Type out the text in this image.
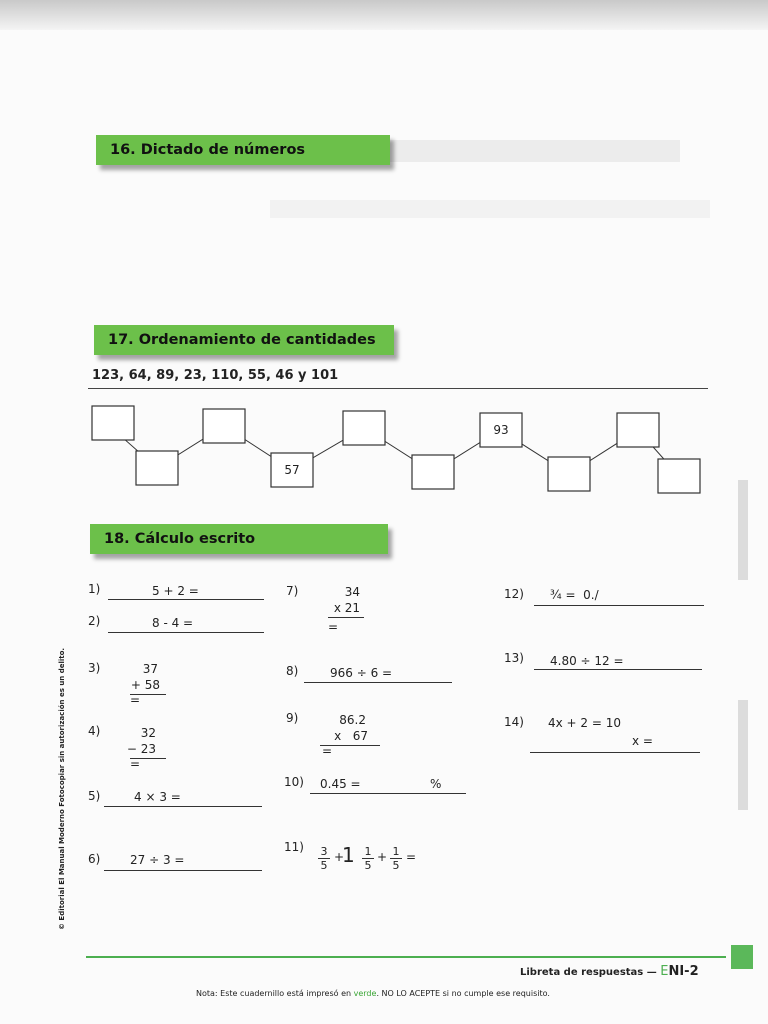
16. Dictado de números
17. Ordenamiento de cantidades
123, 64, 89, 23, 110, 55, 46 y 101
57
93
18. Cálculo escrito
1)	5 + 2 =
2)	8 - 4 =
3)	37
+ 58
=
4)	32
− 23
=
5)	4 × 3 =
6) 27 ÷ 3 =
7)	34
x 21
=
8)	966 ÷ 6 =
9)	86.2
x   67
=
10) 0.45 =	%
$11) \frac{3}{5}$ +
$1 \frac{1}{5} + \frac{1}{5}$ =
12) ¾ =  0./
13) 4.80 ÷ 12 =
14) 4x + 2 = 10
x =
© Editorial El Manual Moderno Fotocopiar sin autorización es un delito.
Libreta de respuestas — ENI-2
Nota: Este cuadernillo está impresó en verde. NO LO ACEPTE si no cumple ese requisito.
